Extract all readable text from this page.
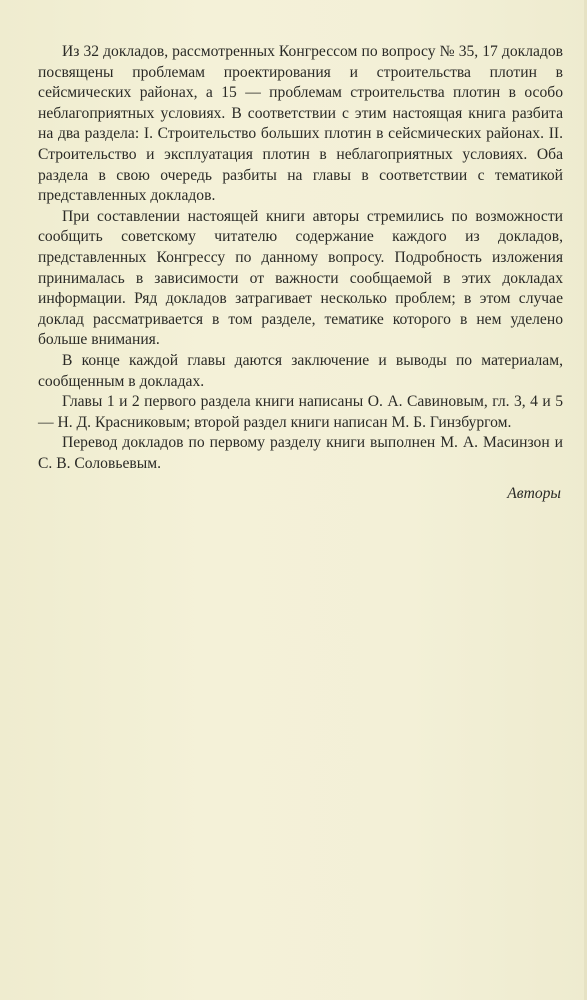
Из 32 докладов, рассмотренных Конгрессом по вопросу № 35, 17 докладов посвящены проблемам проектирования и строительства плотин в сейсмических районах, а 15 — проблемам строительства плотин в особо неблагоприятных условиях. В соответствии с этим настоящая книга разбита на два раздела: I. Строительство больших плотин в сейсмических районах. II. Строительство и эксплуатация плотин в неблагоприятных условиях. Оба раздела в свою очередь разбиты на главы в соответствии с тематикой представленных докладов.

При составлении настоящей книги авторы стремились по возможности сообщить советскому читателю содержание каждого из докладов, представленных Конгрессу по данному вопросу. Подробность изложения принималась в зависимости от важности сообщаемой в этих докладах информации. Ряд докладов затрагивает несколько проблем; в этом случае доклад рассматривается в том разделе, тематике которого в нем уделено больше внимания.

В конце каждой главы даются заключение и выводы по материалам, сообщенным в докладах.

Главы 1 и 2 первого раздела книги написаны О. А. Савиновым, гл. 3, 4 и 5 — Н. Д. Красниковым; второй раздел книги написан М. Б. Гинзбургом.

Перевод докладов по первому разделу книги выполнен М. А. Масинзон и С. В. Соловьевым.

Авторы
